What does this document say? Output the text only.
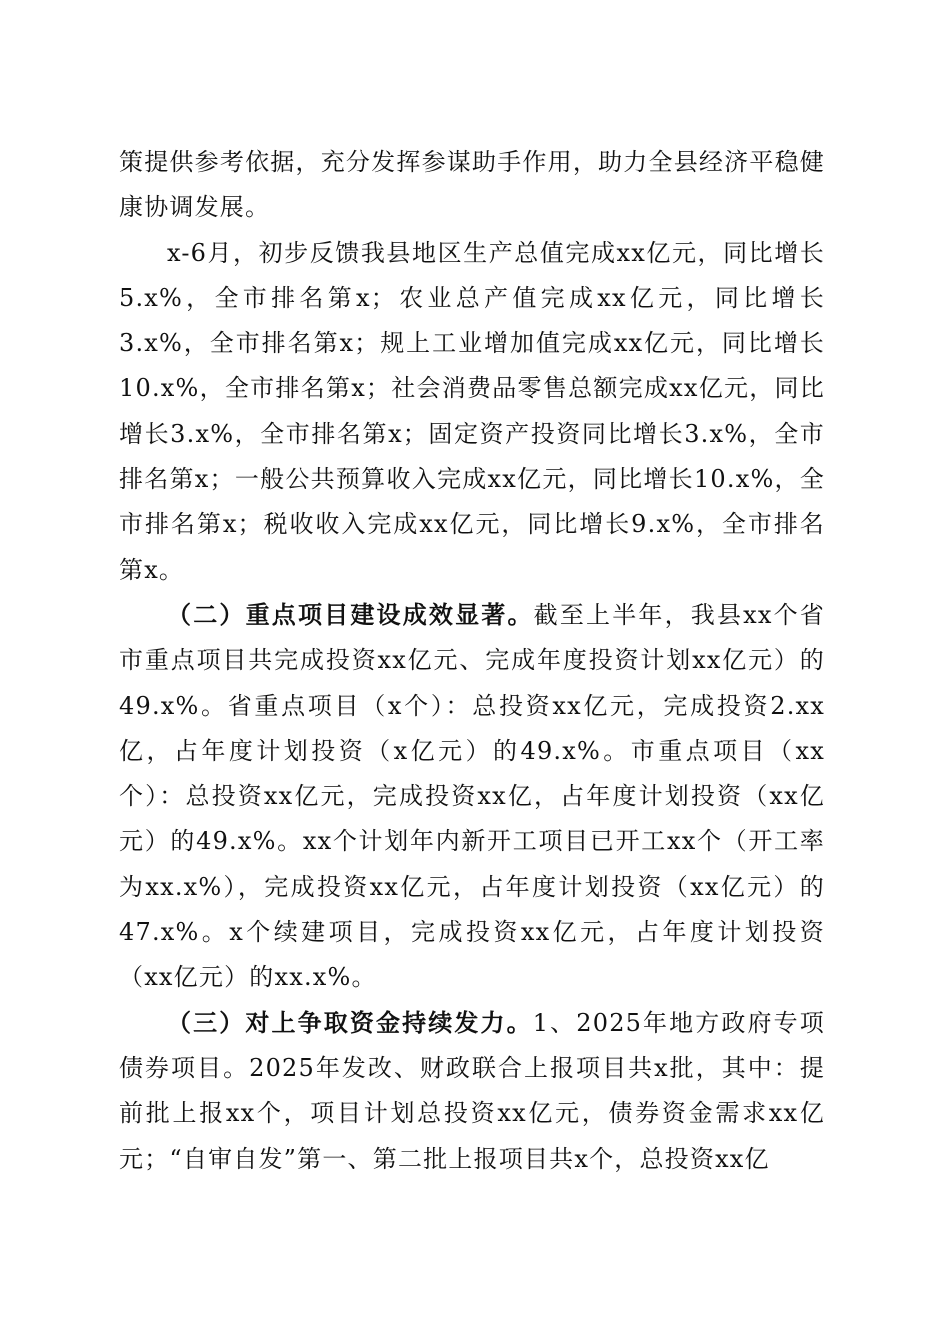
策提供参考依据，充分发挥参谋助手作用，助力全县经济平稳健康协调发展。

x-6月，初步反馈我县地区生产总值完成xx亿元，同比增长5.x%，全市排名第x；农业总产值完成xx亿元，同比增长3.x%，全市排名第x；规上工业增加值完成xx亿元，同比增长10.x%，全市排名第x；社会消费品零售总额完成xx亿元，同比增长3.x%，全市排名第x；固定资产投资同比增长3.x%，全市排名第x；一般公共预算收入完成xx亿元，同比增长10.x%，全市排名第x；税收收入完成xx亿元，同比增长9.x%，全市排名第x。

（二）重点项目建设成效显著。截至上半年，我县xx个省市重点项目共完成投资xx亿元、完成年度投资计划xx亿元）的49.x%。省重点项目（x个）：总投资xx亿元，完成投资2.xx亿，占年度计划投资（x亿元）的49.x%。市重点项目（xx个）：总投资xx亿元，完成投资xx亿，占年度计划投资（xx亿元）的49.x%。xx个计划年内新开工项目已开工xx个（开工率为xx.x%），完成投资xx亿元，占年度计划投资（xx亿元）的47.x%。x个续建项目，完成投资xx亿元，占年度计划投资（xx亿元）的xx.x%。

（三）对上争取资金持续发力。1、2025年地方政府专项债券项目。2025年发改、财政联合上报项目共x批，其中：提前批上报xx个，项目计划总投资xx亿元，债券资金需求xx亿元；“自审自发”第一、第二批上报项目共x个，总投资xx亿
